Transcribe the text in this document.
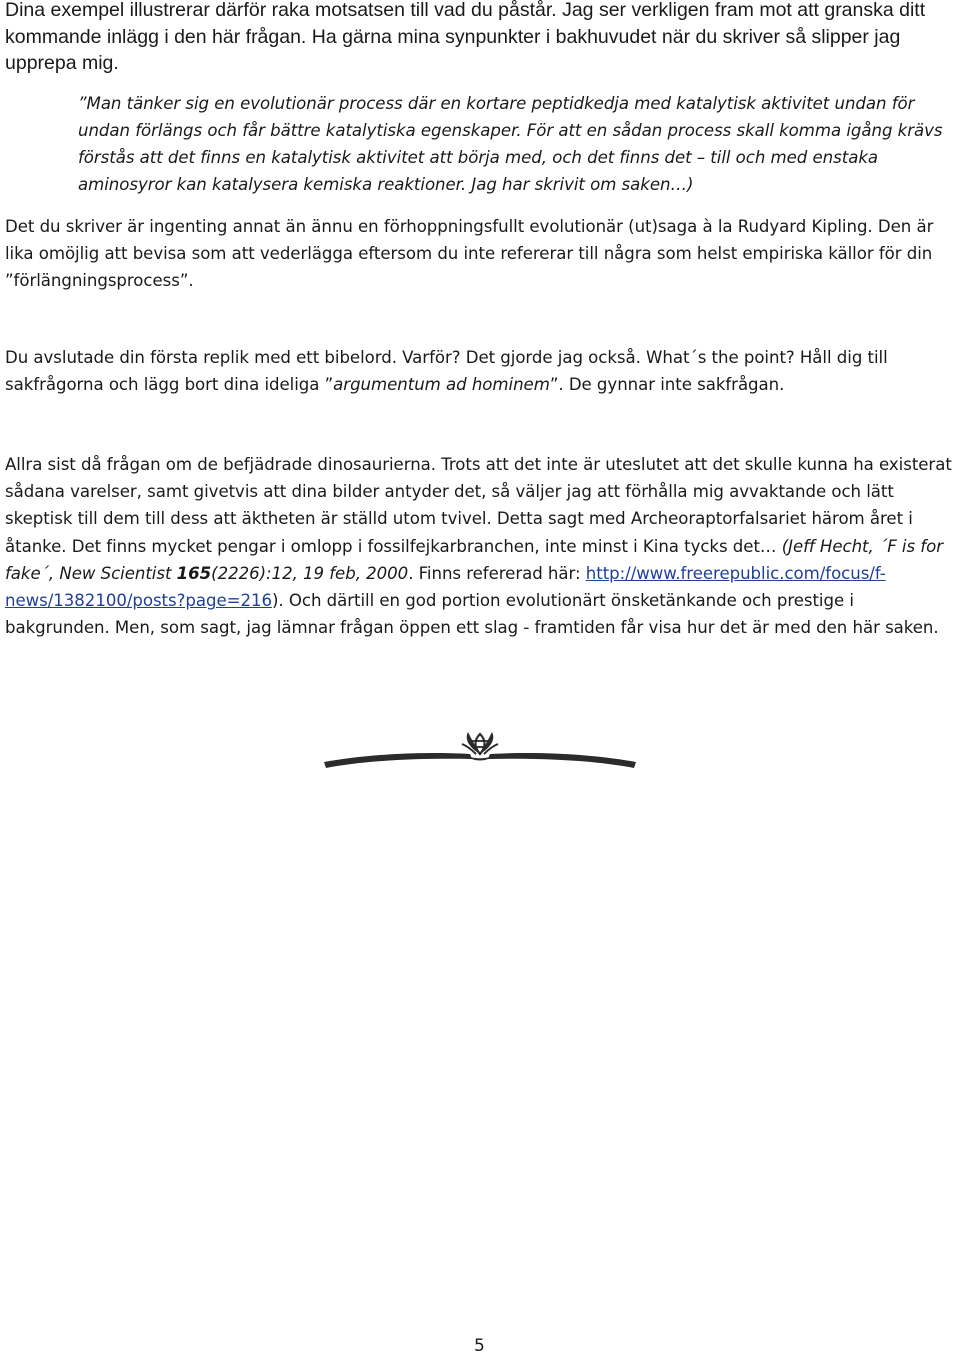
Dina exempel illustrerar därför raka motsatsen till vad du påstår. Jag ser verkligen fram mot att granska ditt kommande inlägg i den här frågan. Ha gärna mina synpunkter i bakhuvudet när du skriver så slipper jag upprepa mig.

”Man tänker sig en evolutionär process där en kortare peptidkedja med katalytisk aktivitet undan för undan förlängs och får bättre katalytiska egenskaper. För att en sådan process skall komma igång krävs förstås att det finns en katalytisk aktivitet att börja med, och det finns det – till och med enstaka aminosyror kan katalysera kemiska reaktioner. Jag har skrivit om saken…)

Det du skriver är ingenting annat än ännu en förhoppningsfullt evolutionär (ut)saga à la Rudyard Kipling. Den är lika omöjlig att bevisa som att vederlägga eftersom du inte refererar till några som helst empiriska källor för din ”förlängningsprocess”.

Du avslutade din första replik med ett bibelord. Varför? Det gjorde jag också. What´s the point? Håll dig till sakfrågorna och lägg bort dina ideliga ”argumentum ad hominem”. De gynnar inte sakfrågan.

Allra sist då frågan om de befjädrade dinosaurierna. Trots att det inte är uteslutet att det skulle kunna ha existerat sådana varelser, samt givetvis att dina bilder antyder det, så väljer jag att förhålla mig avvaktande och lätt skeptisk till dem till dess att äktheten är ställd utom tvivel. Detta sagt med Archeoraptorfalsariet härom året i åtanke. Det finns mycket pengar i omlopp i fossilfejkarbranchen, inte minst i Kina tycks det… (Jeff Hecht, ´F is for fake´, New Scientist 165(2226):12, 19 feb, 2000. Finns refererad här: http://www.freerepublic.com/focus/f-news/1382100/posts?page=216). Och därtill en god portion evolutionärt önsketänkande och prestige i bakgrunden. Men, som sagt, jag lämnar frågan öppen ett slag - framtiden får visa hur det är med den här saken.

5
